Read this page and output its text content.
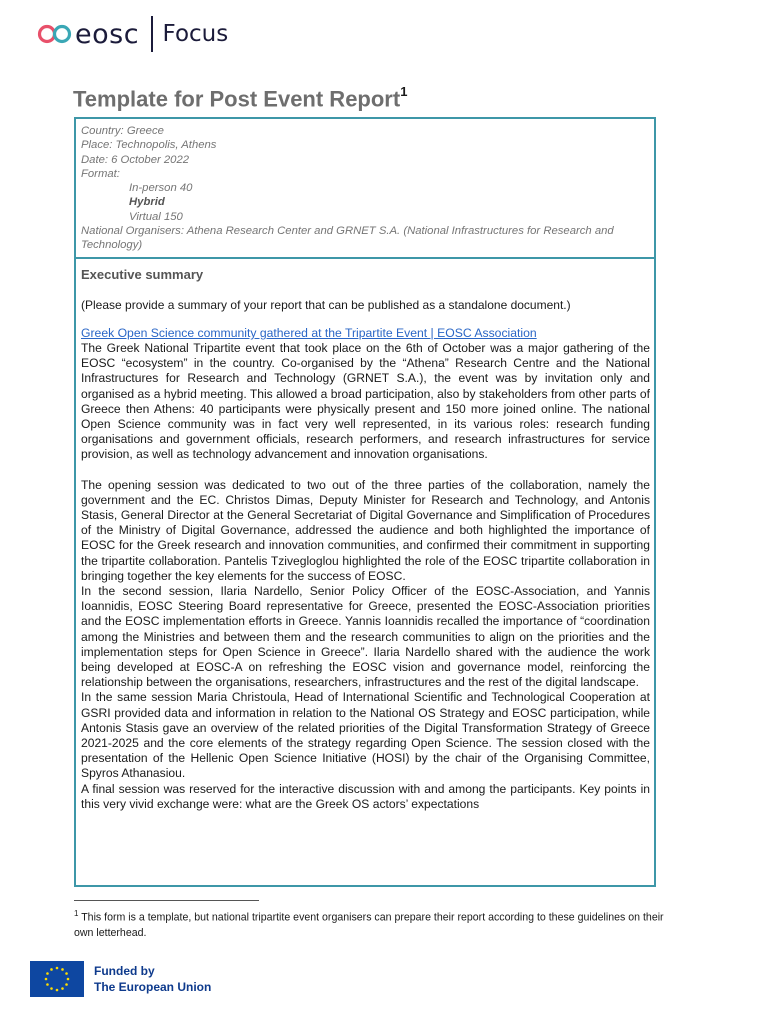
eosc Focus
Template for Post Event Report$^1$
Country: Greece
Place: Technopolis, Athens
Date: 6 October 2022
Format:
In-person 40
Hybrid
Virtual 150
National Organisers: Athena Research Center and GRNET S.A. (National Infrastructures for Research and Technology)
Executive summary
(Please provide a summary of your report that can be published as a standalone document.)
Greek Open Science community gathered at the Tripartite Event | EOSC Association

The Greek National Tripartite event that took place on the 6th of October was a major gathering of the EOSC “ecosystem” in the country. Co-organised by the “Athena” Research Centre and the National Infrastructures for Research and Technology (GRNET S.A.), the event was by invitation only and organised as a hybrid meeting. This allowed a broad participation, also by stakeholders from other parts of Greece then Athens: 40 participants were physically present and 150 more joined online. The national Open Science community was in fact very well represented, in its various roles: research funding organisations and government officials, research performers, and research infrastructures for service provision, as well as technology advancement and innovation organisations.

The opening session was dedicated to two out of the three parties of the collaboration, namely the government and the EC. Christos Dimas, Deputy Minister for Research and Technology, and Antonis Stasis, General Director at the General Secretariat of Digital Governance and Simplification of Procedures of the Ministry of Digital Governance, addressed the audience and both highlighted the importance of EOSC for the Greek research and innovation communities, and confirmed their commitment in supporting the tripartite collaboration. Pantelis Tzivegloglou highlighted the role of the EOSC tripartite collaboration in bringing together the key elements for the success of EOSC.

In the second session, Ilaria Nardello, Senior Policy Officer of the EOSC-Association, and Yannis Ioannidis, EOSC Steering Board representative for Greece, presented the EOSC-Association priorities and the EOSC implementation efforts in Greece. Yannis Ioannidis recalled the importance of “coordination among the Ministries and between them and the research communities to align on the priorities and the implementation steps for Open Science in Greece”. Ilaria Nardello shared with the audience the work being developed at EOSC-A on refreshing the EOSC vision and governance model, reinforcing the relationship between the organisations, researchers, infrastructures and the rest of the digital landscape.

In the same session Maria Christoula, Head of International Scientific and Technological Cooperation at GSRI provided data and information in relation to the National OS Strategy and EOSC participation, while Antonis Stasis gave an overview of the related priorities of the Digital Transformation Strategy of Greece 2021-2025 and the core elements of the strategy regarding Open Science. The session closed with the presentation of the Hellenic Open Science Initiative (HOSI) by the chair of the Organising Committee, Spyros Athanasiou.

A final session was reserved for the interactive discussion with and among the participants. Key points in this very vivid exchange were: what are the Greek OS actors’ expectations

$^1$ This form is a template, but national tripartite event organisers can prepare their report according to these guidelines on their own letterhead.
Funded by
The European Union
